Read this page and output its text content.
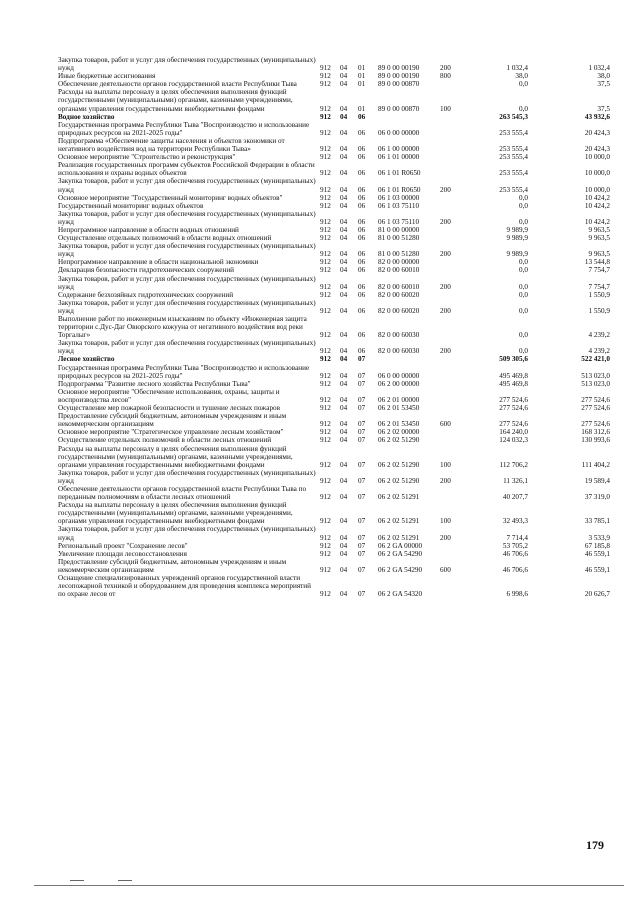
Закупка товаров, работ и услуг для обеспечения государственных (муниципальных) нужд	912	04	01	89 0 00 00190	200	1 032,4	1 032,4
Иные бюджетные ассигнования	912	04	01	89 0 00 00190	800	38,0	38,0
Обеспечение деятельности органов государственной власти Республики Тыва	912	04	01	89 0 00 00870		0,0	37,5
Расходы на выплаты персоналу в целях обеспечения выполнения функций государственными (муниципальными) органами, казенными учреждениями, органами управления государственными внебюджетными фондами	912	04	01	89 0 00 00870	100	0,0	37,5
Водное хозяйство	912	04	06			263 545,3	43 932,6
Государственная программа Республики Тыва "Воспроизводство и использование природных ресурсов на 2021-2025 годы"	912	04	06	06 0 00 00000		253 555,4	20 424,3
Подпрограмма «Обеспечение защиты населения и объектов экономики от негативного воздействия вод на территории Республики Тыва»	912	04	06	06 1 00 00000		253 555,4	20 424,3
Основное мероприятие "Строительство и реконструкция"	912	04	06	06 1 01 00000		253 555,4	10 000,0
Реализация государственных программ субъектов Российской Федерации в области использования и охраны водных объектов	912	04	06	06 1 01 R0650		253 555,4	10 000,0
Закупка товаров, работ и услуг для обеспечения государственных (муниципальных) нужд	912	04	06	06 1 01 R0650	200	253 555,4	10 000,0
Основное мероприятие "Государственный мониторинг водных объектов"	912	04	06	06 1 03 00000		0,0	10 424,2
Государственный мониторинг водных объектов	912	04	06	06 1 03 75110		0,0	10 424,2
Закупка товаров, работ и услуг для обеспечения государственных (муниципальных) нужд	912	04	06	06 1 03 75110	200	0,0	10 424,2
Непрограммное направление в области водных отношений	912	04	06	81 0 00 00000		9 989,9	9 963,5
Осуществление отдельных полномочий в области водных отношений	912	04	06	81 0 00 51280		9 989,9	9 963,5
Закупка товаров, работ и услуг для обеспечения государственных (муниципальных) нужд	912	04	06	81 0 00 51280	200	9 989,9	9 963,5
Непрограммное направление в области национальной экономики	912	04	06	82 0 00 00000		0,0	13 544,8
Декларация безопасности гидротехнических сооружений	912	04	06	82 0 00 60010		0,0	7 754,7
Закупка товаров, работ и услуг для обеспечения государственных (муниципальных) нужд	912	04	06	82 0 00 60010	200	0,0	7 754,7
Содержание безхозяйных гидротехнических сооружений	912	04	06	82 0 00 60020		0,0	1 550,9
Закупка товаров, работ и услуг для обеспечения государственных (муниципальных) нужд	912	04	06	82 0 00 60020	200	0,0	1 550,9
Выполнение работ по инженерным изысканиям по объекту «Инженерная защита территории с.Дус-Даг Овюрского кожууна от негативного воздействия вод реки Торгалыг»	912	04	06	82 0 00 60030		0,0	4 239,2
Закупка товаров, работ и услуг для обеспечения государственных (муниципальных) нужд	912	04	06	82 0 00 60030	200	0,0	4 239,2
Лесное хозяйство	912	04	07			509 305,6	522 421,0
Государственная программа Республики Тыва "Воспроизводство и использование природных ресурсов на 2021-2025 годы"	912	04	07	06 0 00 00000		495 469,8	513 023,0
Подпрограмма "Развитие лесного хозяйства Республики Тыва"	912	04	07	06 2 00 00000		495 469,8	513 023,0
Основное мероприятие "Обеспечение использования, охраны, защиты и воспроизводства лесов"	912	04	07	06 2 01 00000		277 524,6	277 524,6
Осуществление мер пожарной безопасности и тушение лесных пожаров	912	04	07	06 2 01 53450		277 524,6	277 524,6
Предоставление субсидий бюджетным, автономным учреждениям и иным некоммерческим организациям	912	04	07	06 2 01 53450	600	277 524,6	277 524,6
Основное мероприятие "Стратегическое управление лесным хозяйством"	912	04	07	06 2 02 00000		164 240,0	168 312,6
Осуществление отдельных полномочий в области лесных отношений	912	04	07	06 2 02 51290		124 032,3	130 993,6
Расходы на выплаты персоналу в целях обеспечения выполнения функций государственными (муниципальными) органами, казенными учреждениями, органами управления государственными внебюджетными фондами	912	04	07	06 2 02 51290	100	112 706,2	111 404,2
Закупка товаров, работ и услуг для обеспечения государственных (муниципальных) нужд	912	04	07	06 2 02 51290	200	11 326,1	19 589,4
Обеспечение деятельности органов государственной власти Республики Тыва по переданным полномочиям в области лесных отношений	912	04	07	06 2 02 51291		40 207,7	37 319,0
Расходы на выплаты персоналу в целях обеспечения выполнения функций государственными (муниципальными) органами, казенными учреждениями, органами управления государственными внебюджетными фондами	912	04	07	06 2 02 51291	100	32 493,3	33 785,1
Закупка товаров, работ и услуг для обеспечения государственных (муниципальных) нужд	912	04	07	06 2 02 51291	200	7 714,4	3 533,9
Региональный проект "Сохранение лесов"	912	04	07	06 2 GA 00000		53 705,2	67 185,8
Увеличение площади лесовосстановления	912	04	07	06 2 GA 54290		46 706,6	46 559,1
Предоставление субсидий бюджетным, автономным учреждениям и иным некоммерческим организациям	912	04	07	06 2 GA 54290	600	46 706,6	46 559,1
Оснащение специализированных учреждений органов государственной власти лесопожарной техникой и оборудованием для проведения комплекса мероприятий по охране лесов от	912	04	07	06 2 GA 54320		6 998,6	20 626,7
179
